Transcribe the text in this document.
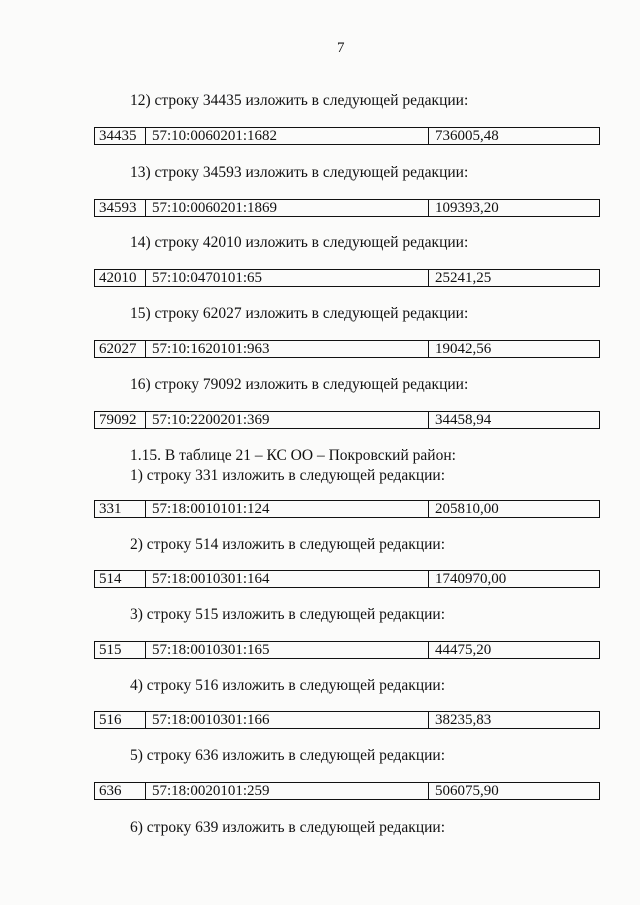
7
12) строку 34435 изложить в следующей редакции:
34435	57:10:0060201:1682	736005,48
13) строку 34593 изложить в следующей редакции:
34593	57:10:0060201:1869	109393,20
14) строку 42010 изложить в следующей редакции:
42010	57:10:0470101:65	25241,25
15) строку 62027 изложить в следующей редакции:
62027	57:10:1620101:963	19042,56
16) строку 79092 изложить в следующей редакции:
79092	57:10:2200201:369	34458,94
1.15. В таблице 21 – КС ОО – Покровский район:
1) строку 331 изложить в следующей редакции:
331	57:18:0010101:124	205810,00
2) строку 514 изложить в следующей редакции:
514	57:18:0010301:164	1740970,00
3) строку 515 изложить в следующей редакции:
515	57:18:0010301:165	44475,20
4) строку 516 изложить в следующей редакции:
516	57:18:0010301:166	38235,83
5) строку 636 изложить в следующей редакции:
636	57:18:0020101:259	506075,90
6) строку 639 изложить в следующей редакции:
